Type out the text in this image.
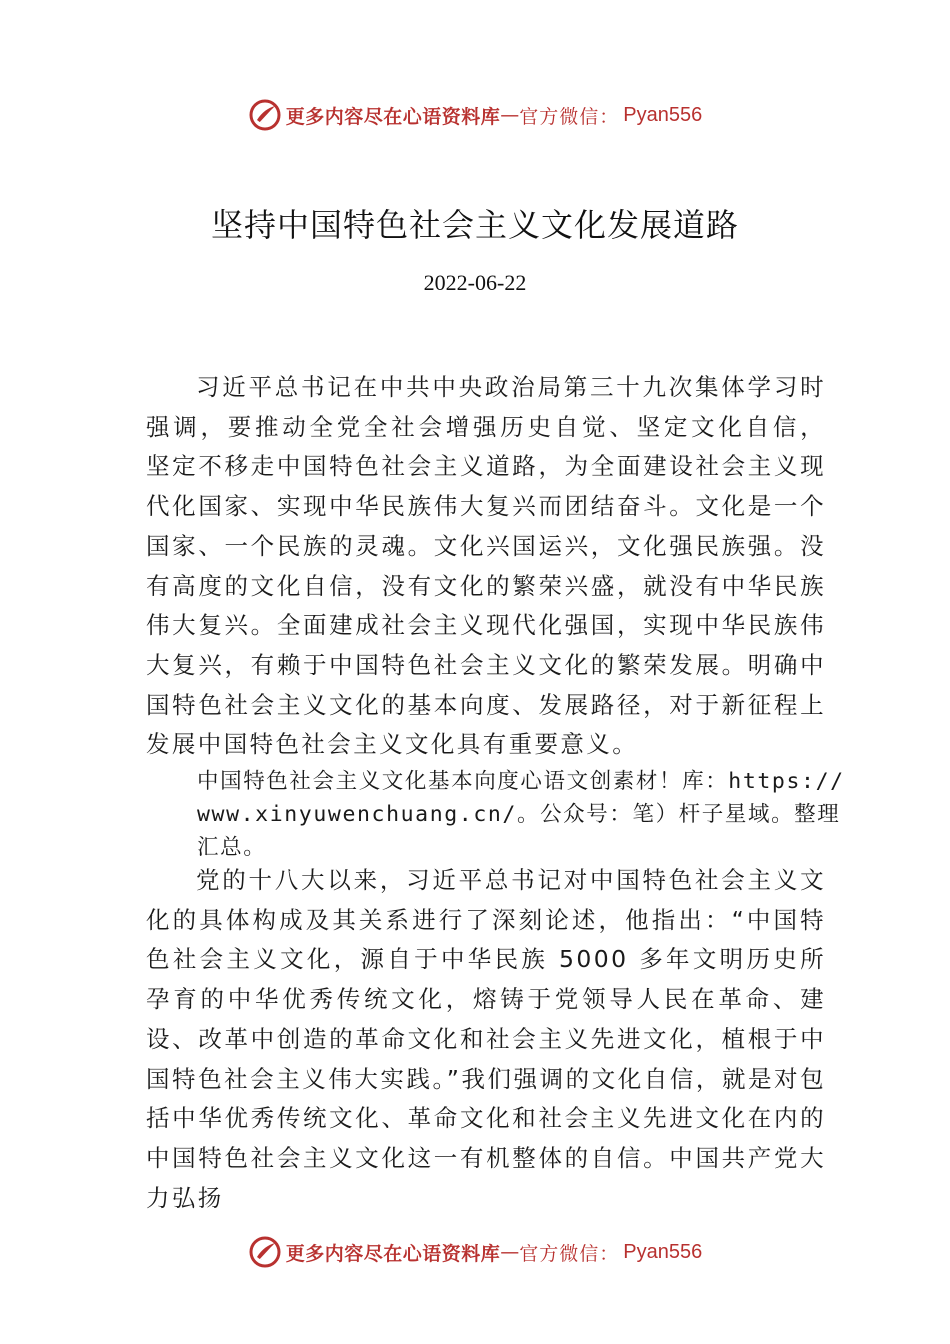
更多内容尽在心语资料库 — 官方微信： Pyan556
坚持中国特色社会主义文化发展道路
2022-06-22

习近平总书记在中共中央政治局第三十九次集体学习时强调，要推动全党全社会增强历史自觉、坚定文化自信， 坚定不移走中国特色社会主义道路，为全面建设社会主义现代化国家、实现中华民族伟大复兴而团结奋斗。文化是一个国家、一个民族的灵魂。文化兴国运兴，文化强民族强。没有高度的文化自信，没有文化的繁荣兴盛，就没有中华民族伟大复兴。全面建成社会主义现代化强国，实现中华民族伟大复兴，有赖于中国特色社会主义文化的繁荣发展。明确中国特色社会主义文化的基本向度、发展路径，对于新征程上发展中国特色社会主义文化具有重要意义。

中国特色社会主义文化基本向度心语文创素材！库：https://www.xinyuwenchuang.cn/。公众号：笔）杆子星域。整理汇总。

党的十八大以来，习近平总书记对中国特色社会主义文化的具体构成及其关系进行了深刻论述，他指出：“中国特色社会主义文化，源自于中华民族 5000 多年文明历史所孕育的中华优秀传统文化，熔铸于党领导人民在革命、建设、改革中创造的革命文化和社会主义先进文化，植根于中国特色社会主义伟大实践。”我们强调的文化自信，就是对包括中华优秀传统文化、革命文化和社会主义先进文化在内的中国特色社会主义文化这一有机整体的自信。中国共产党大力弘扬

更多内容尽在心语资料库 — 官方微信： Pyan556
